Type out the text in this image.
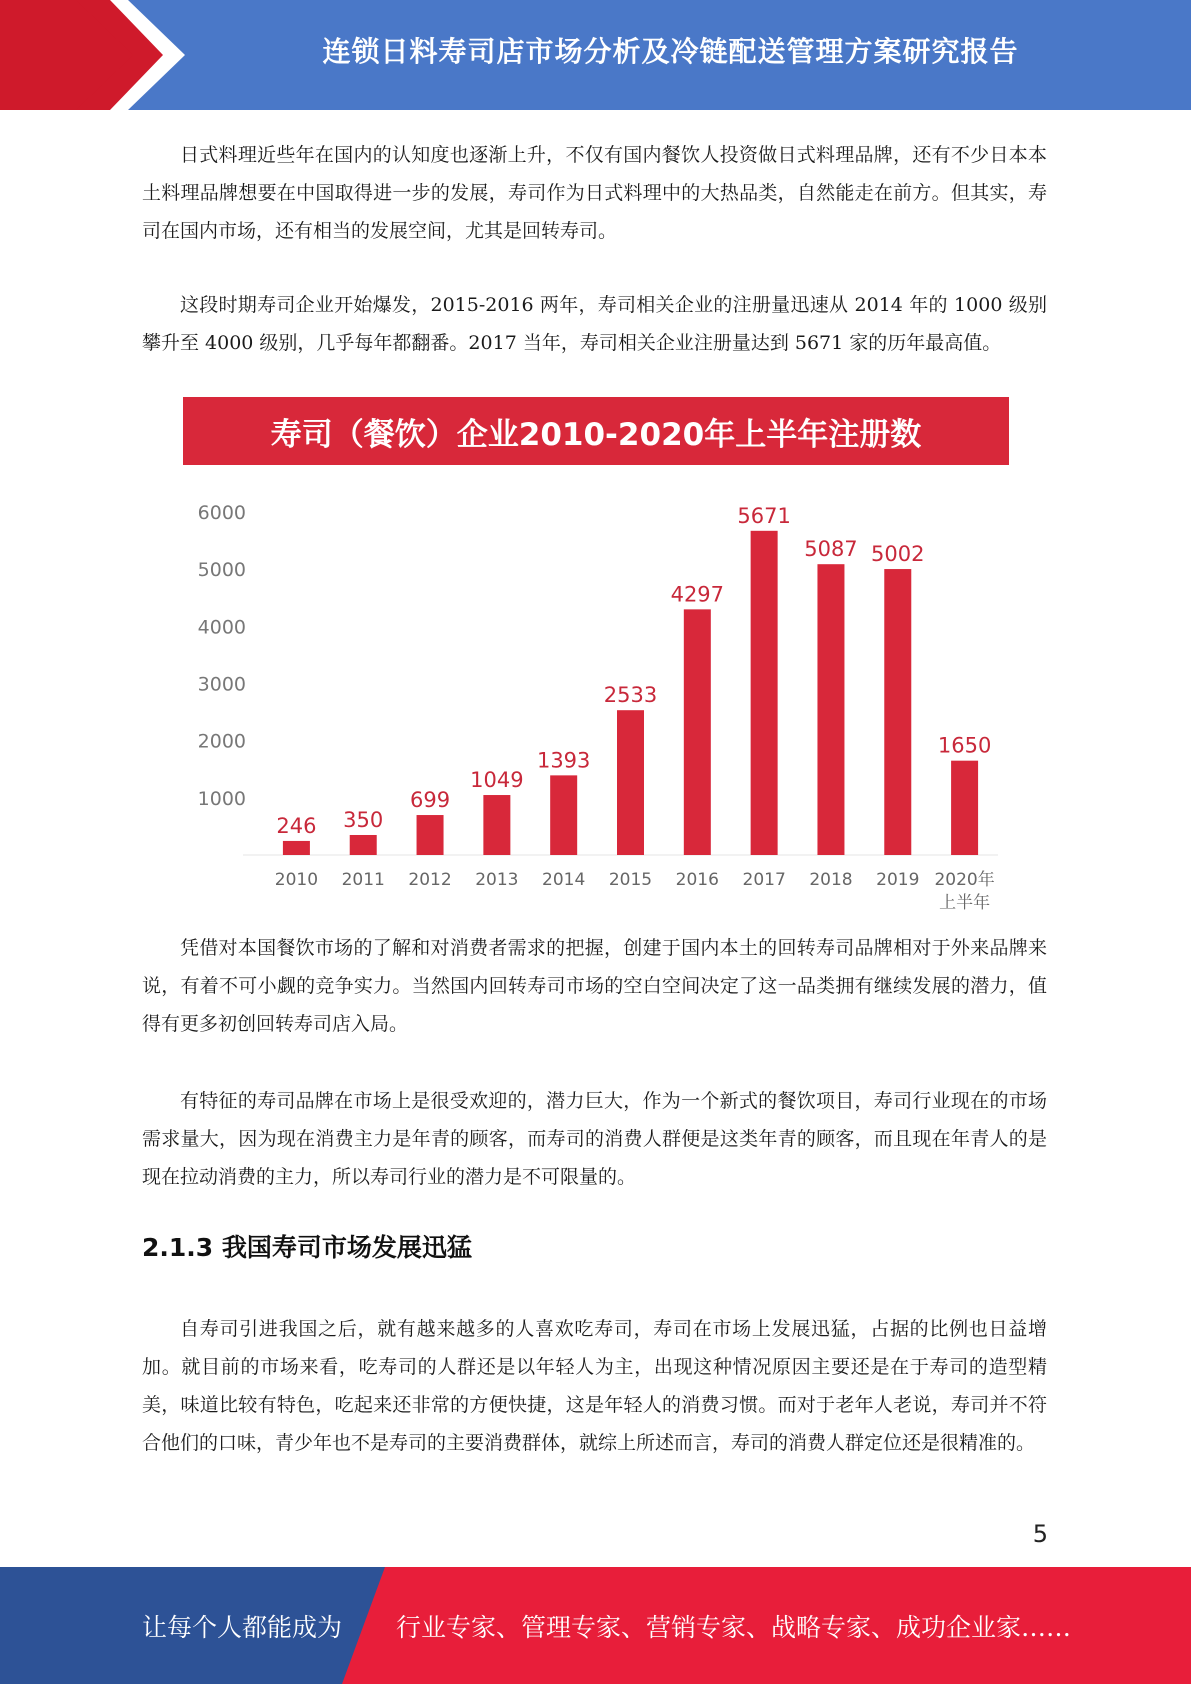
连锁日料寿司店市场分析及冷链配送管理方案研究报告

日式料理近些年在国内的认知度也逐渐上升，不仅有国内餐饮人投资做日式料理品牌，还有不少日本本土料理品牌想要在中国取得进一步的发展，寿司作为日式料理中的大热品类，自然能走在前方。但其实，寿司在国内市场，还有相当的发展空间，尤其是回转寿司。

这段时期寿司企业开始爆发，2015-2016 两年，寿司相关企业的注册量迅速从 2014 年的 1000 级别攀升至 4000 级别，几乎每年都翻番。2017 当年，寿司相关企业注册量达到 5671 家的历年最高值。

寿司（餐饮）企业2010-2020年上半年注册数
1000
2000
3000
4000
5000
6000
246
2010
350
2011
699
2012
1049
2013
1393
2014
2533
2015
4297
2016
5671
2017
5087
2018
5002
2019
1650
2020年
上半年

凭借对本国餐饮市场的了解和对消费者需求的把握，创建于国内本土的回转寿司品牌相对于外来品牌来说，有着不可小觑的竞争实力。当然国内回转寿司市场的空白空间决定了这一品类拥有继续发展的潜力，值得有更多初创回转寿司店入局。

有特征的寿司品牌在市场上是很受欢迎的，潜力巨大，作为一个新式的餐饮项目，寿司行业现在的市场需求量大，因为现在消费主力是年青的顾客，而寿司的消费人群便是这类年青的顾客，而且现在年青人的是现在拉动消费的主力，所以寿司行业的潜力是不可限量的。

2.1.3 我国寿司市场发展迅猛

自寿司引进我国之后，就有越来越多的人喜欢吃寿司，寿司在市场上发展迅猛，占据的比例也日益增加。就目前的市场来看，吃寿司的人群还是以年轻人为主，出现这种情况原因主要还是在于寿司的造型精美，味道比较有特色，吃起来还非常的方便快捷，这是年轻人的消费习惯。而对于老年人老说，寿司并不符合他们的口味，青少年也不是寿司的主要消费群体，就综上所述而言，寿司的消费人群定位还是很精准的。

5
让每个人都能成为 行业专家、管理专家、营销专家、战略专家、成功企业家……
